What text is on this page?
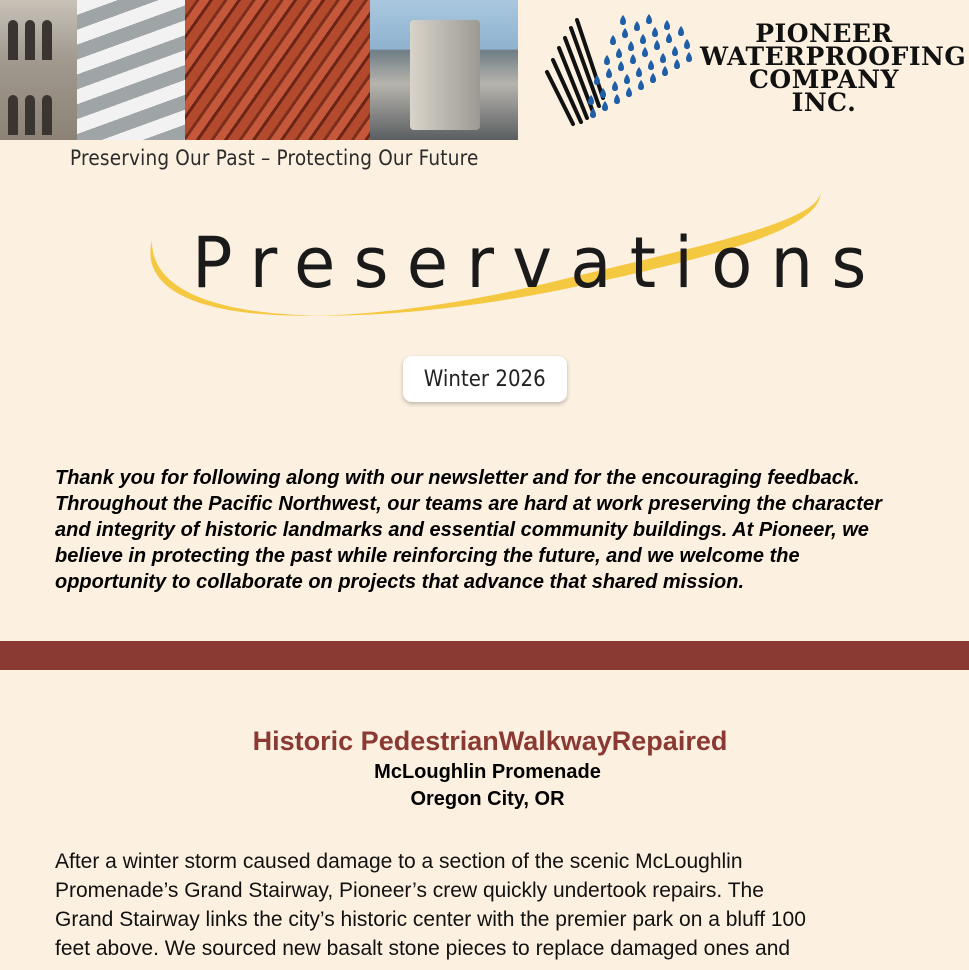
Preserving Our Past – Protecting Our Future
PIONEER
WATERPROOFING
COMPANY
INC.
Preservations
Winter 2026
Thank you for following along with our newsletter and for the encouraging feedback.
Throughout the Pacific Northwest, our teams are hard at work preserving the character
and integrity of historic landmarks and essential community buildings. At Pioneer, we
believe in protecting the past while reinforcing the future, and we welcome the
opportunity to collaborate on projects that advance that shared mission.
Historic PedestrianWalkwayRepaired
McLoughlin Promenade
Oregon City, OR
After a winter storm caused damage to a section of the scenic McLoughlin
Promenade’s Grand Stairway, Pioneer’s crew quickly undertook repairs. The
Grand Stairway links the city’s historic center with the premier park on a bluff 100
feet above. We sourced new basalt stone pieces to replace damaged ones and
